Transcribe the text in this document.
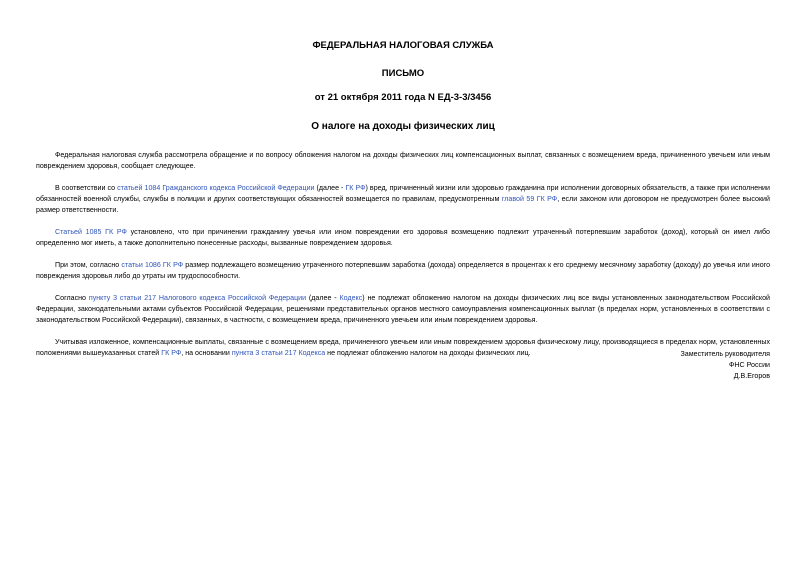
ФЕДЕРАЛЬНАЯ НАЛОГОВАЯ СЛУЖБА
ПИСЬМО
от 21 октября 2011 года N ЕД-3-3/3456
О налоге на доходы физических лиц

Федеральная налоговая служба рассмотрела обращение и по вопросу обложения налогом на доходы физических лиц компенсационных выплат, связанных с возмещением вреда, причиненного увечьем или иным повреждением здоровья, сообщает следующее.

В соответствии со статьей 1084 Гражданского кодекса Российской Федерации (далее - ГК РФ) вред, причиненный жизни или здоровью гражданина при исполнении договорных обязательств, а также при исполнении обязанностей военной службы, службы в полиции и других соответствующих обязанностей возмещается по правилам, предусмотренным главой 59 ГК РФ, если законом или договором не предусмотрен более высокий размер ответственности.

Статьей 1085 ГК РФ установлено, что при причинении гражданину увечья или ином повреждении его здоровья возмещению подлежит утраченный потерпевшим заработок (доход), который он имел либо определенно мог иметь, а также дополнительно понесенные расходы, вызванные повреждением здоровья.

При этом, согласно статьи 1086 ГК РФ размер подлежащего возмещению утраченного потерпевшим заработка (дохода) определяется в процентах к его среднему месячному заработку (доходу) до увечья или иного повреждения здоровья либо до утраты им трудоспособности.

Согласно пункту 3 статьи 217 Налогового кодекса Российской Федерации (далее - Кодекс) не подлежат обложению налогом на доходы физических лиц все виды установленных законодательством Российской Федерации, законодательными актами субъектов Российской Федерации, решениями представительных органов местного самоуправления компенсационных выплат (в пределах норм, установленных в соответствии с законодательством Российской Федерации), связанных, в частности, с возмещением вреда, причиненного увечьем или иным повреждением здоровья.

Учитывая изложенное, компенсационные выплаты, связанные с возмещением вреда, причиненного увечьем или иным повреждением здоровья физическому лицу, производящиеся в пределах норм, установленных положениями вышеуказанных статей ГК РФ, на основании пункта 3 статьи 217 Кодекса не подлежат обложению налогом на доходы физических лиц.	Заместитель руководителя
ФНС России
Д.В.Егоров
